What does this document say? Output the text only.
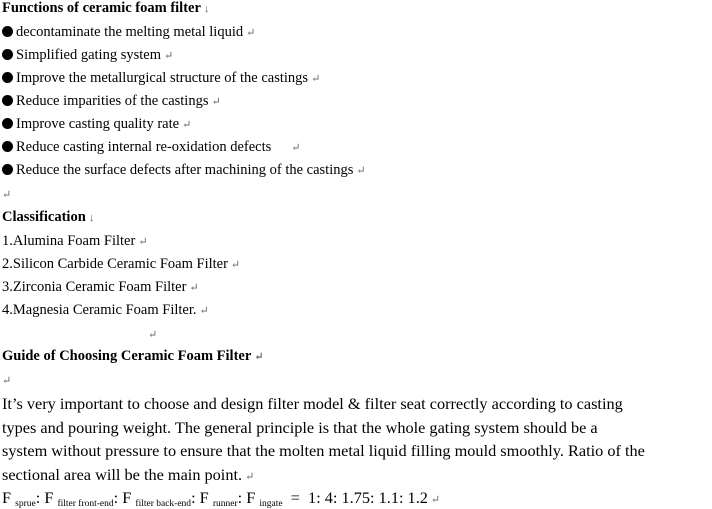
Functions of ceramic foam filter ↓
decontaminate the melting metal liquid ↵
Simplified gating system ↵
Improve the metallurgical structure of the castings ↵
Reduce imparities of the castings ↵
Improve casting quality rate ↵
Reduce casting internal re-oxidation defects ↵
Reduce the surface defects after machining of the castings ↵
↵
Classification ↓
1.Alumina Foam Filter ↵
2.Silicon Carbide Ceramic Foam Filter ↵
3.Zirconia Ceramic Foam Filter ↵
4.Magnesia Ceramic Foam Filter. ↵
↵
Guide of Choosing Ceramic Foam Filter ↵
↵
It’s very important to choose and design filter model & filter seat correctly according to casting
types and pouring weight. The general principle is that the whole gating system should be a
system without pressure to ensure that the molten metal liquid filling mould smoothly. Ratio of the
sectional area will be the main point. ↵
F $_{sprue}$: F $_{filter front-end}$: F $_{filter back-end}$: F $_{runner}$: F $_{ingate}$ = 1: 4: 1.75: 1.1: 1.2 ↵
